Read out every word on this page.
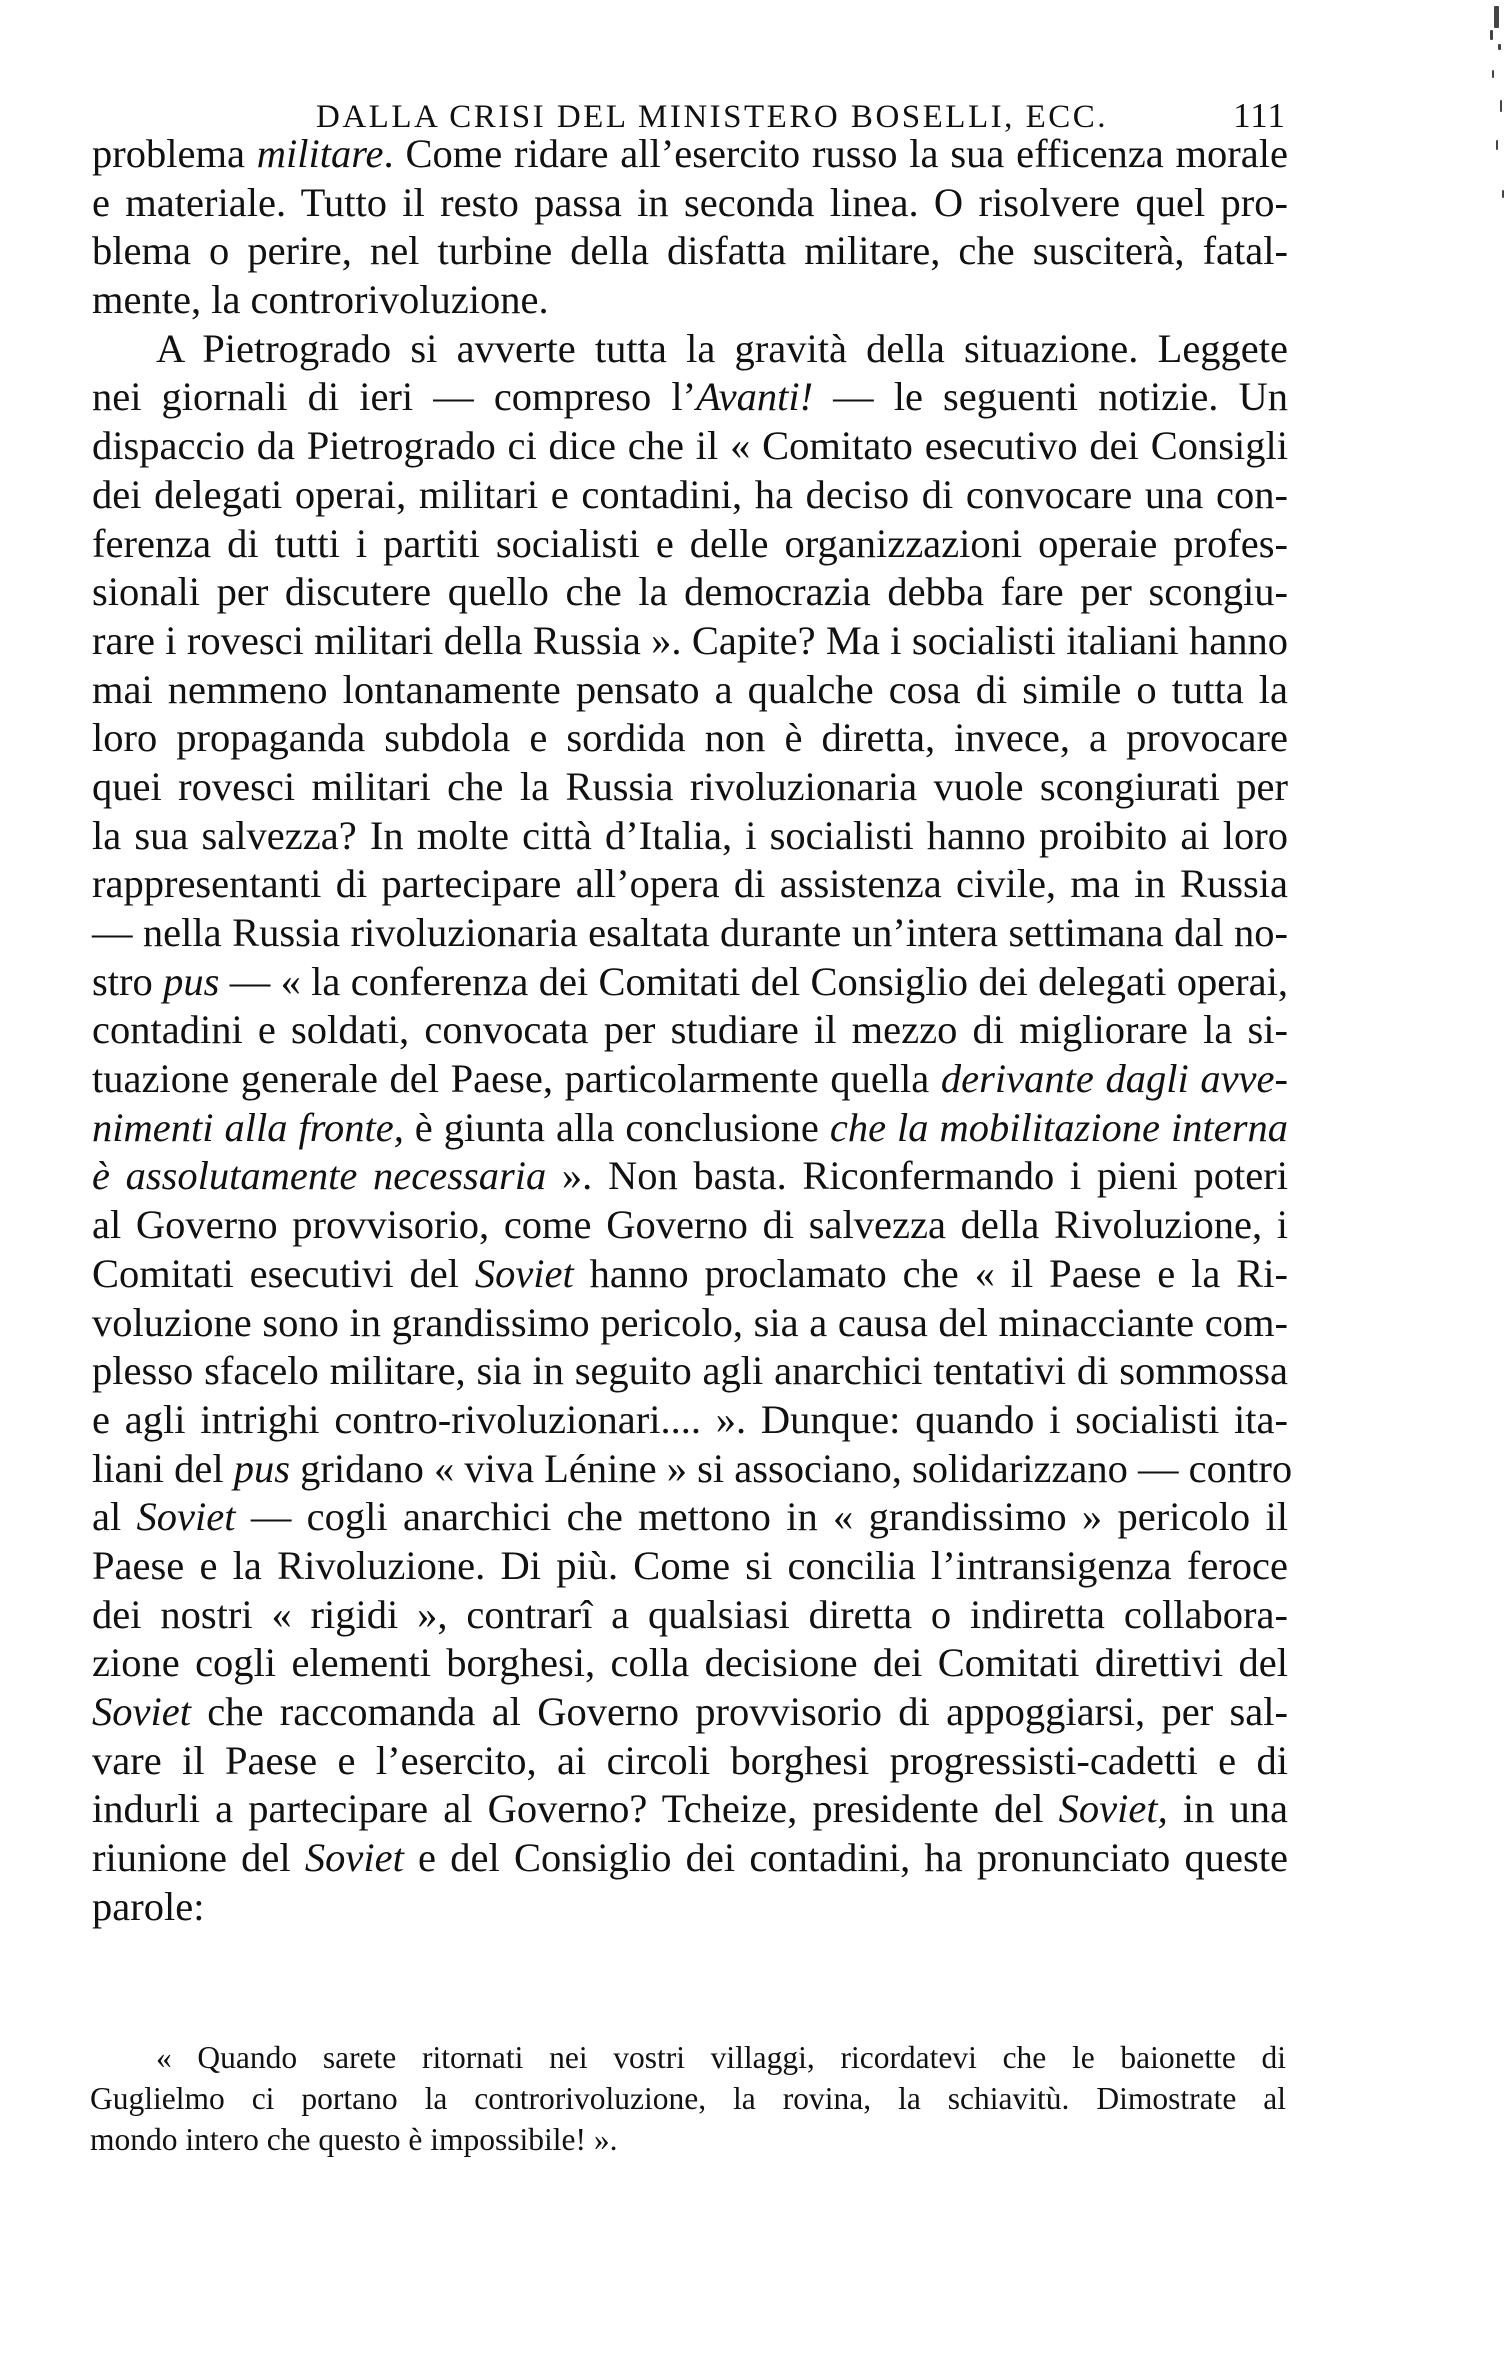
DALLA CRISI DEL MINISTERO BOSELLI, ECC.	111
problema militare. Come ridare all’esercito russo la sua efficenza morale
e materiale. Tutto il resto passa in seconda linea. O risolvere quel pro-
blema o perire, nel turbine della disfatta militare, che susciterà, fatal-
mente, la controrivoluzione.
A Pietrogrado si avverte tutta la gravità della situazione. Leggete
nei giornali di ieri — compreso l’Avanti! — le seguenti notizie. Un
dispaccio da Pietrogrado ci dice che il « Comitato esecutivo dei Consigli
dei delegati operai, militari e contadini, ha deciso di convocare una con-
ferenza di tutti i partiti socialisti e delle organizzazioni operaie profes-
sionali per discutere quello che la democrazia debba fare per scongiu-
rare i rovesci militari della Russia ». Capite? Ma i socialisti italiani hanno
mai nemmeno lontanamente pensato a qualche cosa di simile o tutta la
loro propaganda subdola e sordida non è diretta, invece, a provocare
quei rovesci militari che la Russia rivoluzionaria vuole scongiurati per
la sua salvezza? In molte città d’Italia, i socialisti hanno proibito ai loro
rappresentanti di partecipare all’opera di assistenza civile, ma in Russia
— nella Russia rivoluzionaria esaltata durante un’intera settimana dal no-
stro pus — « la conferenza dei Comitati del Consiglio dei delegati operai,
contadini e soldati, convocata per studiare il mezzo di migliorare la si-
tuazione generale del Paese, particolarmente quella derivante dagli avve-
nimenti alla fronte, è giunta alla conclusione che la mobilitazione interna
è assolutamente necessaria ». Non basta. Riconfermando i pieni poteri
al Governo provvisorio, come Governo di salvezza della Rivoluzione, i
Comitati esecutivi del Soviet hanno proclamato che « il Paese e la Ri-
voluzione sono in grandissimo pericolo, sia a causa del minacciante com-
plesso sfacelo militare, sia in seguito agli anarchici tentativi di sommossa
e agli intrighi contro-rivoluzionari.... ». Dunque: quando i socialisti ita-
liani del pus gridano « viva Lénine » si associano, solidarizzano — contro
al Soviet — cogli anarchici che mettono in « grandissimo » pericolo il
Paese e la Rivoluzione. Di più. Come si concilia l’intransigenza feroce
dei nostri « rigidi », contrarî a qualsiasi diretta o indiretta collabora-
zione cogli elementi borghesi, colla decisione dei Comitati direttivi del
Soviet che raccomanda al Governo provvisorio di appoggiarsi, per sal-
vare il Paese e l’esercito, ai circoli borghesi progressisti-cadetti e di
indurli a partecipare al Governo? Tcheize, presidente del Soviet, in una
riunione del Soviet e del Consiglio dei contadini, ha pronunciato queste
parole:
« Quando sarete ritornati nei vostri villaggi, ricordatevi che le baionette di
Guglielmo ci portano la controrivoluzione, la rovina, la schiavitù. Dimostrate al
mondo intero che questo è impossibile! ».
